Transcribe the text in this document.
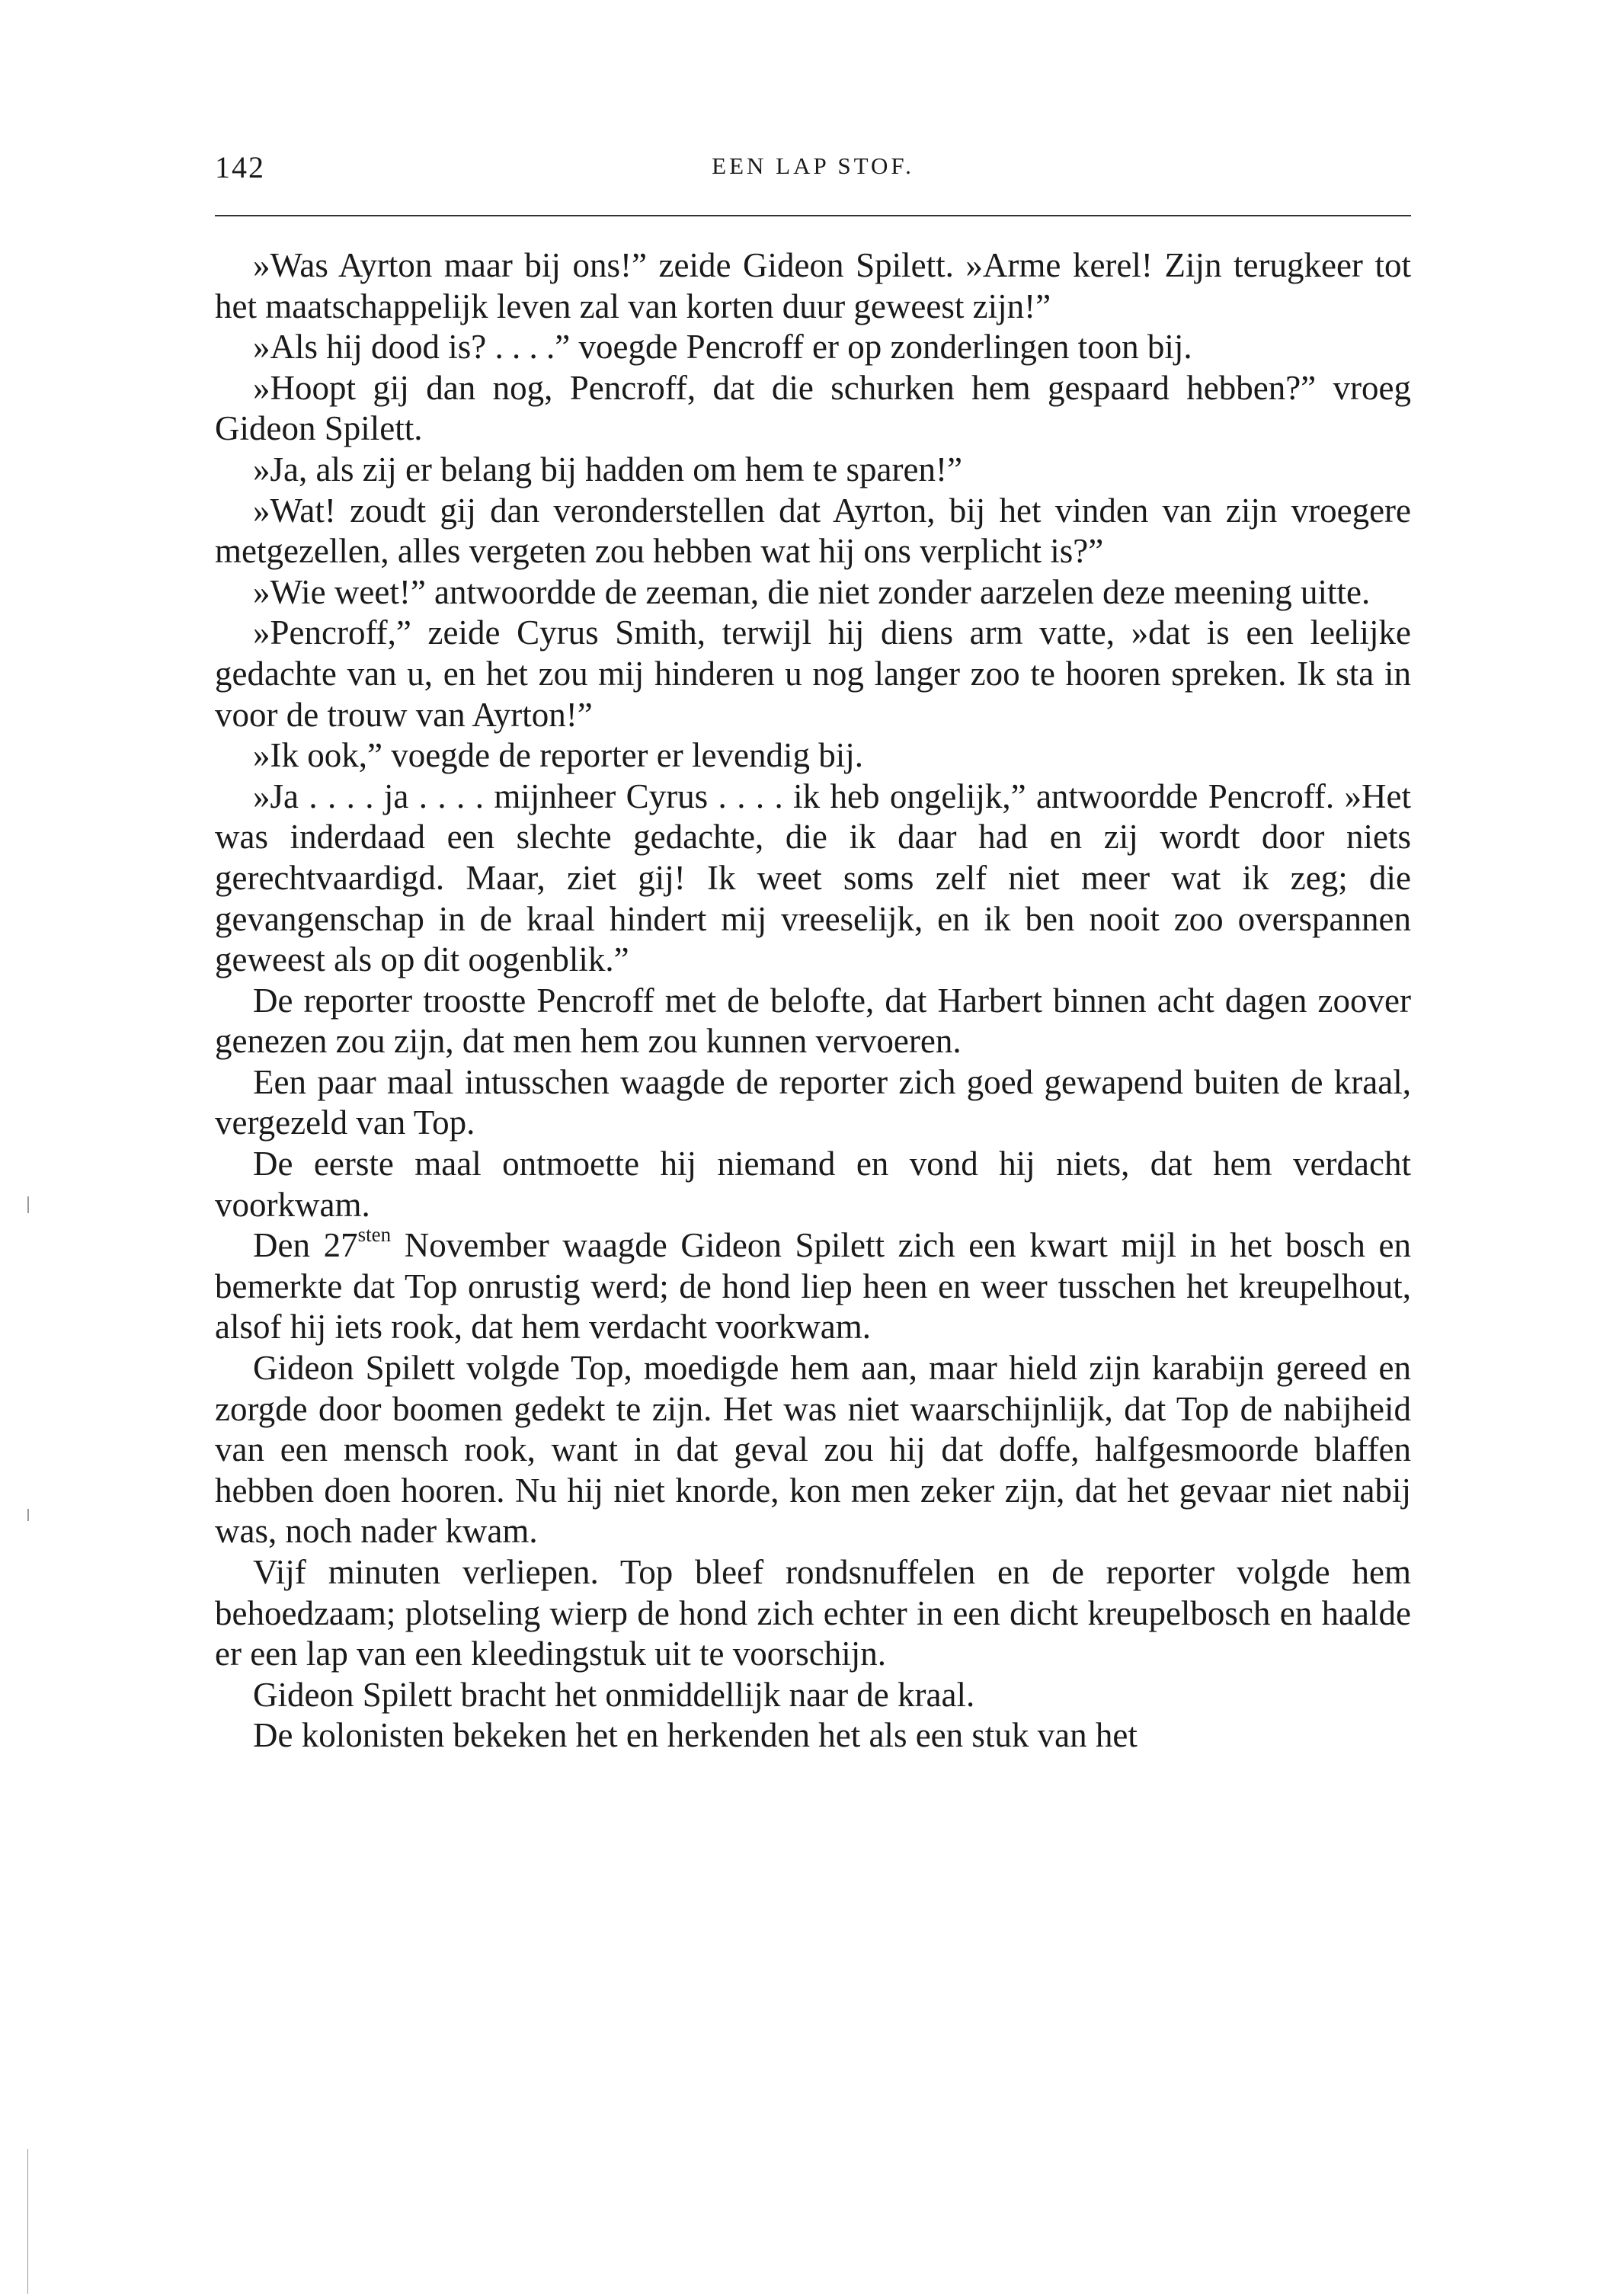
142	EEN LAP STOF.

»Was Ayrton maar bij ons!” zeide Gideon Spilett. »Arme kerel! Zijn terugkeer tot het maatschappelijk leven zal van korten duur geweest zijn!”

»Als hij dood is? . . . .” voegde Pencroff er op zonderlingen toon bij.

»Hoopt gij dan nog, Pencroff, dat die schurken hem gespaard hebben?” vroeg Gideon Spilett.

»Ja, als zij er belang bij hadden om hem te sparen!”

»Wat! zoudt gij dan veronderstellen dat Ayrton, bij het vinden van zijn vroegere metgezellen, alles vergeten zou hebben wat hij ons verplicht is?”

»Wie weet!” antwoordde de zeeman, die niet zonder aarzelen deze meening uitte.

»Pencroff,” zeide Cyrus Smith, terwijl hij diens arm vatte, »dat is een leelijke gedachte van u, en het zou mij hinderen u nog langer zoo te hooren spreken. Ik sta in voor de trouw van Ayrton!”

»Ik ook,” voegde de reporter er levendig bij.

»Ja . . . . ja . . . . mijnheer Cyrus . . . . ik heb ongelijk,” antwoordde Pencroff. »Het was inderdaad een slechte gedachte, die ik daar had en zij wordt door niets gerechtvaardigd. Maar, ziet gij! Ik weet soms zelf niet meer wat ik zeg; die gevangenschap in de kraal hindert mij vreeselijk, en ik ben nooit zoo overspannen geweest als op dit oogenblik.”

De reporter troostte Pencroff met de belofte, dat Harbert binnen acht dagen zoover genezen zou zijn, dat men hem zou kunnen vervoeren.

Een paar maal intusschen waagde de reporter zich goed gewapend buiten de kraal, vergezeld van Top.

De eerste maal ontmoette hij niemand en vond hij niets, dat hem verdacht voorkwam.

Den $27^{sten}$ November waagde Gideon Spilett zich een kwart mijl in het bosch en bemerkte dat Top onrustig werd; de hond liep heen en weer tusschen het kreupelhout, alsof hij iets rook, dat hem verdacht voorkwam.

Gideon Spilett volgde Top, moedigde hem aan, maar hield zijn karabijn gereed en zorgde door boomen gedekt te zijn. Het was niet waarschijnlijk, dat Top de nabijheid van een mensch rook, want in dat geval zou hij dat doffe, halfgesmoorde blaffen hebben doen hooren. Nu hij niet knorde, kon men zeker zijn, dat het gevaar niet nabij was, noch nader kwam.

Vijf minuten verliepen. Top bleef rondsnuffelen en de reporter volgde hem behoedzaam; plotseling wierp de hond zich echter in een dicht kreupelbosch en haalde er een lap van een kleedingstuk uit te voorschijn.

Gideon Spilett bracht het onmiddellijk naar de kraal.

De kolonisten bekeken het en herkenden het als een stuk van het
